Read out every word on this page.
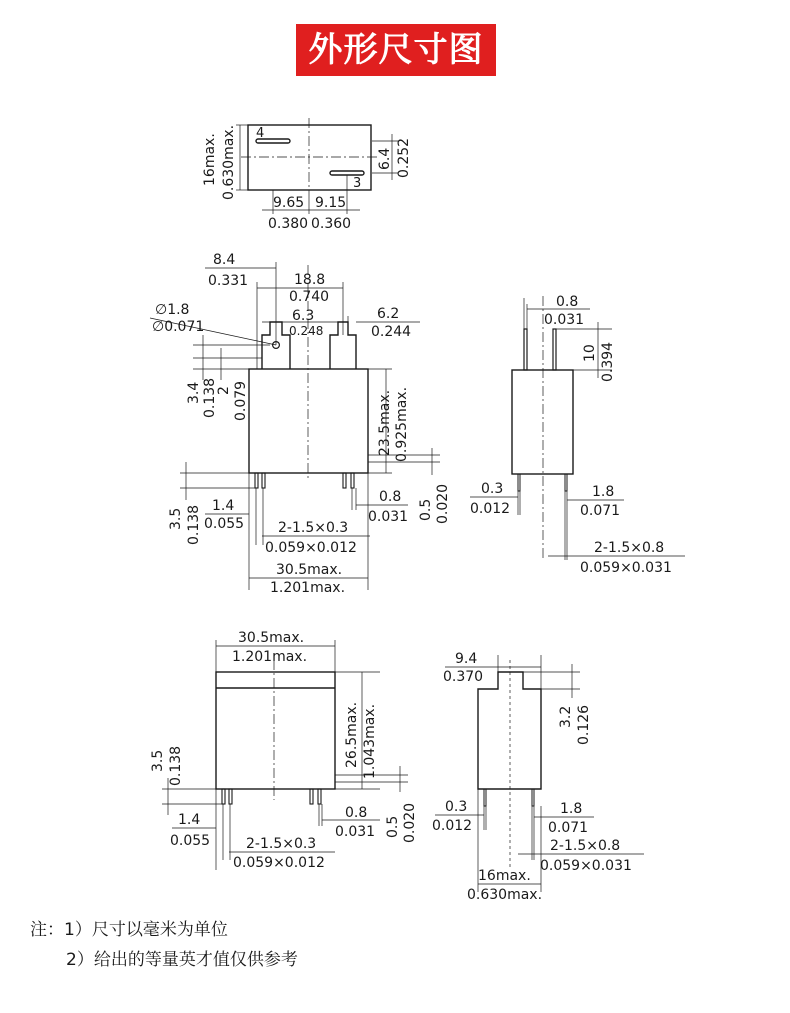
外形尺寸图
4
3
16max. 0.630max.	6.4 0.252
9.65
0.380
9.15
0.360
8.4
0.331	18.8
0.740
∅1.8
∅0.071
6.3
0.248
6.2
0.244
3.4 0.138
2 0.079	23.5max. 0.925max.
3.5 0.138 1.4
0.055
0.8
0.031 0.5 0.020
2-1.5×0.3
0.059×0.012
30.5max.
1.201max.
0.8
0.031
10 0.394
0.3
0.012
1.8
0.071
2-1.5×0.8
0.059×0.031
30.5max.
1.201max.
26.5max. 1.043max.
3.5 0.138
1.4
0.055
0.8
0.031 0.5 0.020
2-1.5×0.3
0.059×0.012
9.4
0.370
3.2 0.126
0.3
0.012
1.8
0.071
2-1.5×0.8
0.059×0.031
16max.
0.630max.
注：1）尺寸以毫米为单位
2）给出的等量英才值仅供参考
